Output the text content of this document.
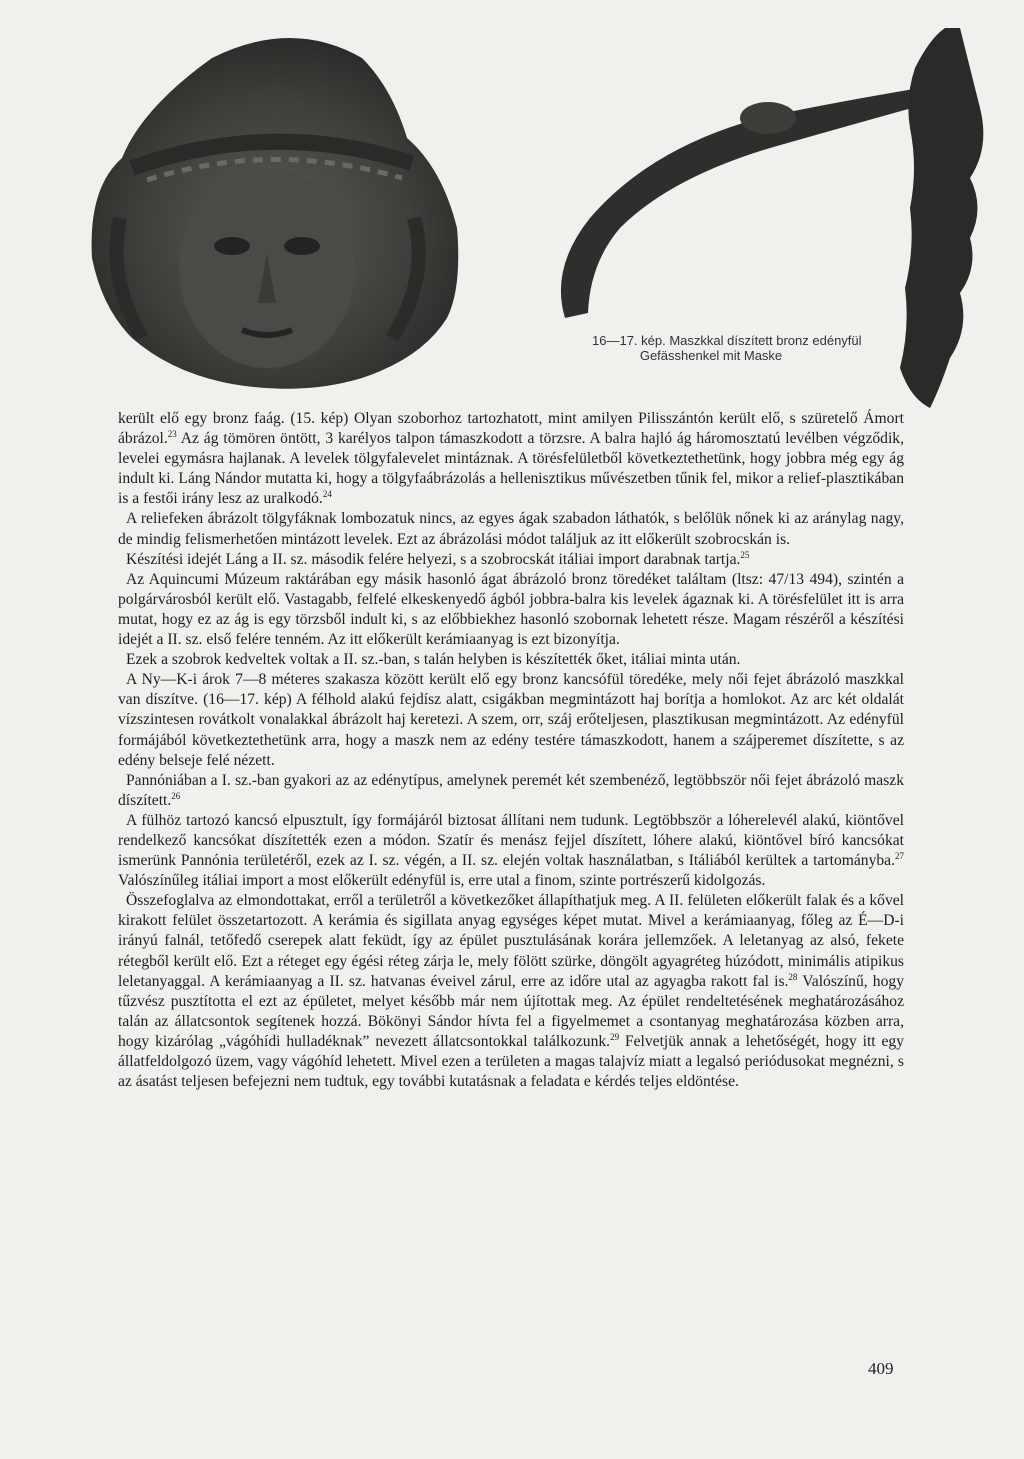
16—17. kép. Maszkkal díszített bronz edényfül
Gefässhenkel mit Maske

került elő egy bronz faág. (15. kép) Olyan szoborhoz tartozhatott, mint amilyen Pilisszántón került elő, s szüretelő Ámort ábrázol.$^{23}$ Az ág tömören öntött, 3 karélyos talpon támaszkodott a törzsre. A balra hajló ág háromosztatú levélben végződik, levelei egymásra hajlanak. A levelek tölgyfalevelet mintáznak. A törésfelületből következtethetünk, hogy jobbra még egy ág indult ki. Láng Nándor mutatta ki, hogy a tölgyfaábrázolás a hellenisztikus művészetben tűnik fel, mikor a relief-plasztikában is a festői irány lesz az uralkodó.$^{24}$

A reliefeken ábrázolt tölgyfáknak lombozatuk nincs, az egyes ágak szabadon láthatók, s belőlük nőnek ki az aránylag nagy, de mindig felismerhetően mintázott levelek. Ezt az ábrázolási módot találjuk az itt előkerült szobrocskán is.

Készítési idejét Láng a II. sz. második felére helyezi, s a szobrocskát itáliai import darabnak tartja.$^{25}$

Az Aquincumi Múzeum raktárában egy másik hasonló ágat ábrázoló bronz töredéket találtam (ltsz: 47/13 494), szintén a polgárvárosból került elő. Vastagabb, felfelé elkeskenyedő ágból jobbra-balra kis levelek ágaznak ki. A törésfelület itt is arra mutat, hogy ez az ág is egy törzsből indult ki, s az előbbiekhez hasonló szobornak lehetett része. Magam részéről a készítési idejét a II. sz. első felére tenném. Az itt előkerült kerámiaanyag is ezt bizonyítja.

Ezek a szobrok kedveltek voltak a II. sz.-ban, s talán helyben is készítették őket, itáliai minta után.

A Ny—K-i árok 7—8 méteres szakasza között került elő egy bronz kancsófül töredéke, mely női fejet ábrázoló maszkkal van díszítve. (16—17. kép) A félhold alakú fejdísz alatt, csigákban megmintázott haj borítja a homlokot. Az arc két oldalát vízszintesen rovátkolt vonalakkal ábrázolt haj keretezi. A szem, orr, száj erőteljesen, plasztikusan megmintázott. Az edényfül formájából következtethetünk arra, hogy a maszk nem az edény testére támaszkodott, hanem a szájperemet díszítette, s az edény belseje felé nézett.

Pannóniában a I. sz.-ban gyakori az az edénytípus, amelynek peremét két szembenéző, legtöbbször női fejet ábrázoló maszk díszített.$^{26}$

A fülhöz tartozó kancsó elpusztult, így formájáról biztosat állítani nem tudunk. Legtöbbször a lóherelevél alakú, kiöntővel rendelkező kancsókat díszítették ezen a módon. Szatír és menász fejjel díszített, lóhere alakú, kiöntővel bíró kancsókat ismerünk Pannónia területéről, ezek az I. sz. végén, a II. sz. elején voltak használatban, s Itáliából kerültek a tartományba.$^{27}$ Valószínűleg itáliai import a most előkerült edényfül is, erre utal a finom, szinte portrészerű kidolgozás.

Összefoglalva az elmondottakat, erről a területről a következőket állapíthatjuk meg. A II. felületen előkerült falak és a kővel kirakott felület összetartozott. A kerámia és sigillata anyag egységes képet mutat. Mivel a kerámiaanyag, főleg az É—D-i irányú falnál, tetőfedő cserepek alatt feküdt, így az épület pusztulásának korára jellemzőek. A leletanyag az alsó, fekete rétegből került elő. Ezt a réteget egy égési réteg zárja le, mely fölött szürke, döngölt agyagréteg húzódott, minimális atipikus leletanyaggal. A kerámiaanyag a II. sz. hatvanas éveivel zárul, erre az időre utal az agyagba rakott fal is.$^{28}$ Valószínű, hogy tűzvész pusztította el ezt az épületet, melyet később már nem újítottak meg. Az épület rendeltetésének meghatározásához talán az állatcsontok segítenek hozzá. Bökönyi Sándor hívta fel a figyelmemet a csontanyag meghatározása közben arra, hogy kizárólag „vágóhídi hulladéknak” nevezett állatcsontokkal találkozunk.$^{29}$ Felvetjük annak a lehetőségét, hogy itt egy állatfeldolgozó üzem, vagy vágóhíd lehetett. Mivel ezen a területen a magas talajvíz miatt a legalsó periódusokat megnézni, s az ásatást teljesen befejezni nem tudtuk, egy további kutatásnak a feladata e kérdés teljes eldöntése.

409
